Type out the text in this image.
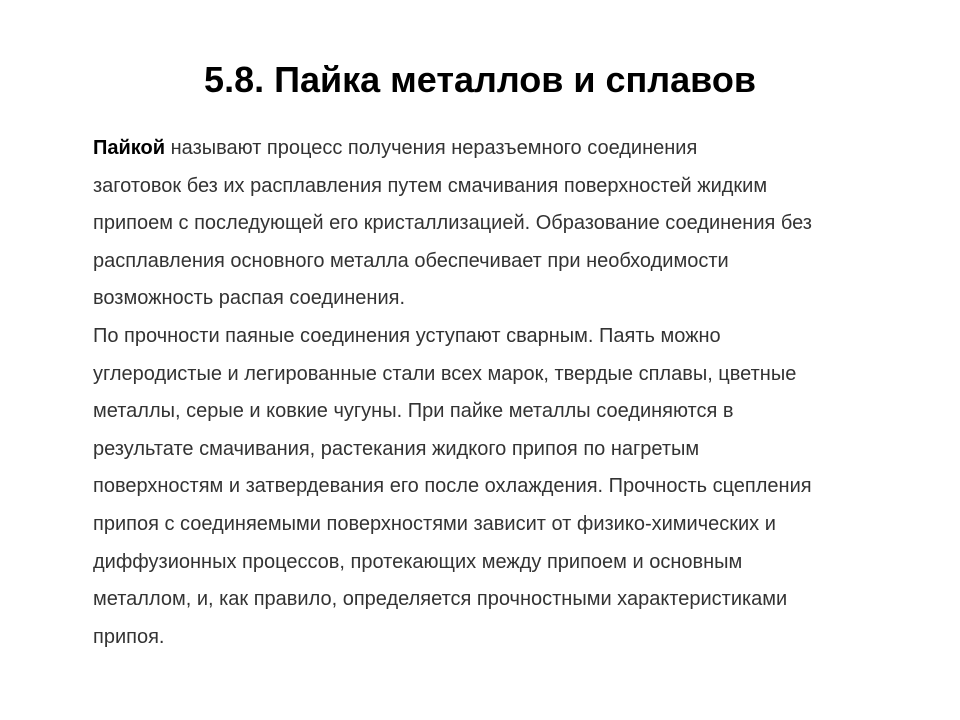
5.8. Пайка металлов и сплавов

Пайкой называют процесс получения неразъемного соединения
заготовок без их расплавления путем смачивания поверхностей жидким
припоем с последующей его кристаллизацией. Образование соединения без
расплавления основного металла обеспечивает при необходимости
возможность распая соединения.

По прочности паяные соединения уступают сварным. Паять можно
углеродистые и легированные стали всех марок, твердые сплавы, цветные
металлы, серые и ковкие чугуны. При пайке металлы соединяются в
результате смачивания, растекания жидкого припоя по нагретым
поверхностям и затвердевания его после охлаждения. Прочность сцепления
припоя с соединяемыми поверхностями зависит от физико-химических и
диффузионных процессов, протекающих между припоем и основным
металлом, и, как правило, определяется прочностными характеристиками
припоя.
